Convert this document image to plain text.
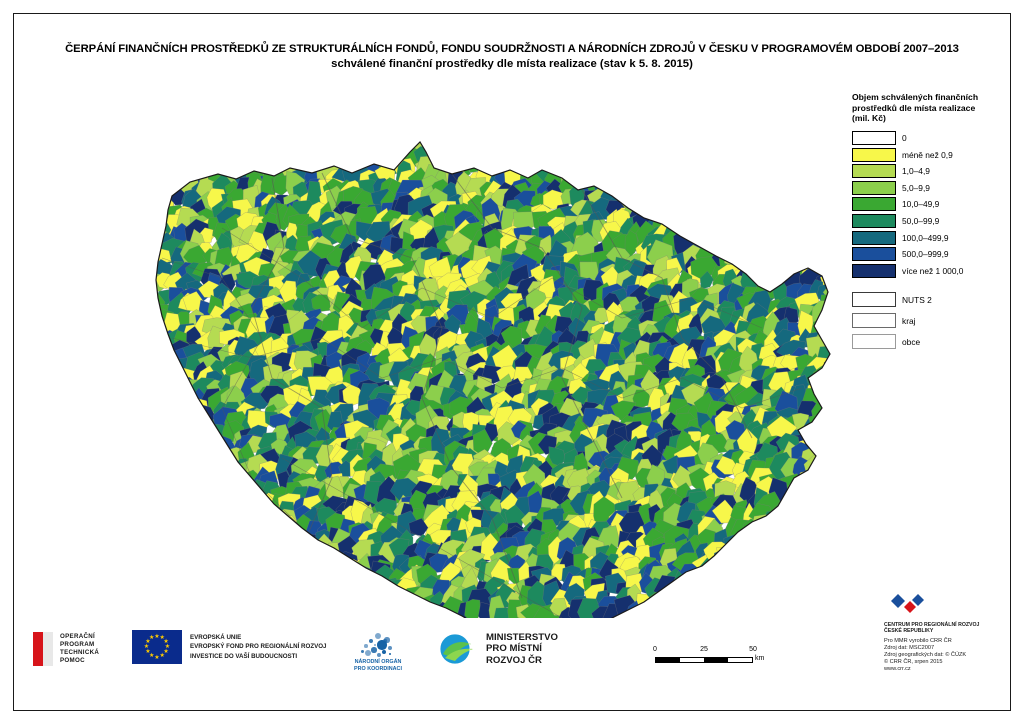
ČERPÁNÍ FINANČNÍCH PROSTŘEDKŮ ZE STRUKTURÁLNÍCH FONDŮ, FONDU SOUDRŽNOSTI A NÁRODNÍCH ZDROJŮ V ČESKU V PROGRAMOVÉM OBDOBÍ 2007–2013
schválené finanční prostředky dle místa realizace (stav k 5. 8. 2015)
Objem schválených finančních prostředků dle místa realizace (mil. Kč)
0
méně než 0,9
1,0–4,9
5,0–9,9
10,0–49,9
50,0–99,9
100,0–499,9
500,0–999,9
více než 1 000,0
NUTS 2
kraj
obce
0	25	50
km
OPERAČNÍ
PROGRAM
TECHNICKÁ
POMOC
★ ★
★
★
★
★
★
★
★
★
★
★	EVROPSKÁ UNIE
EVROPSKÝ FOND PRO REGIONÁLNÍ ROZVOJ
INVESTICE DO VAŠÍ BUDOUCNOSTI
NÁRODNÍ ORGÁN
PRO KOORDINACI
MINISTERSTVO
PRO MÍSTNÍ
ROZVOJ ČR
CENTRUM PRO REGIONÁLNÍ ROZVOJ
ČESKÉ REPUBLIKY
Pro MMR vyrobilo CRR ČR
Zdroj dat: MSC2007
Zdroj geografických dat: © ČÚZK
© CRR ČR, srpen 2015
www.crr.cz
